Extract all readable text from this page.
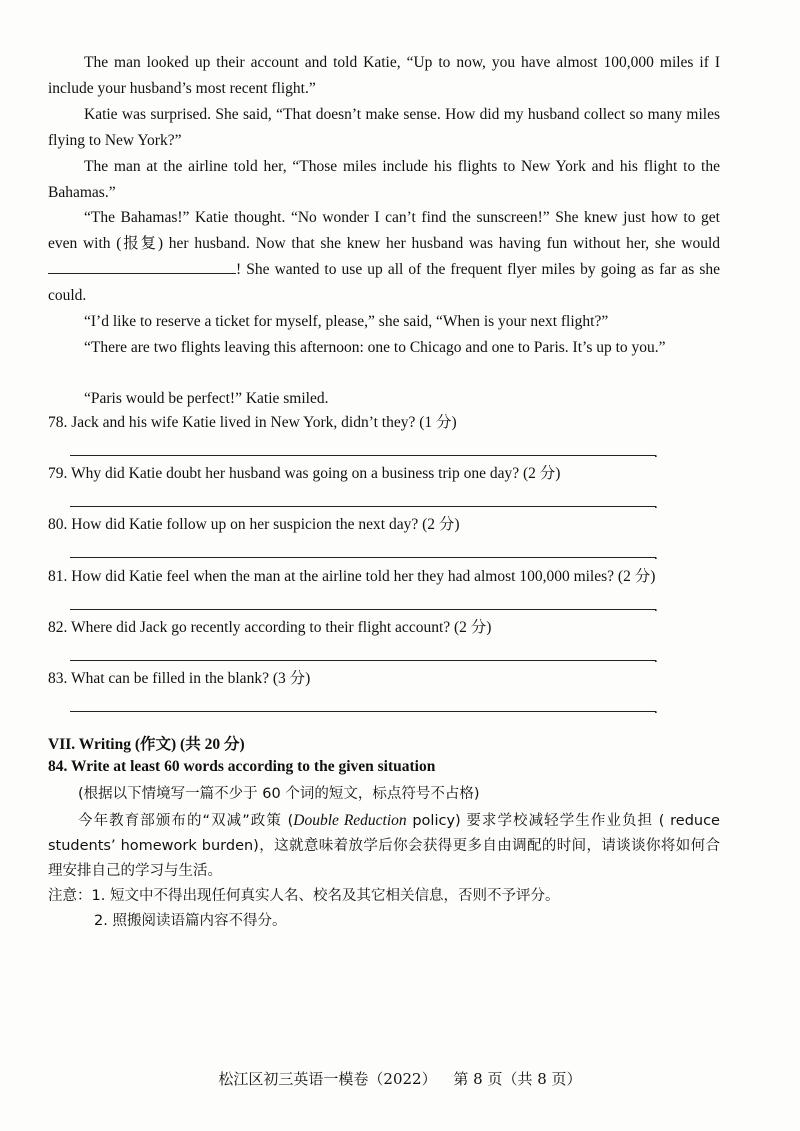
The man looked up their account and told Katie, “Up to now, you have almost 100,000 miles if I include your husband’s most recent flight.”

Katie was surprised. She said, “That doesn’t make sense. How did my husband collect so many miles flying to New York?”

The man at the airline told her, “Those miles include his flights to New York and his flight to the Bahamas.”

“The Bahamas!” Katie thought. “No wonder I can’t find the sunscreen!” She knew just how to get even with (报复) her husband. Now that she knew her husband was having fun without her, she would ! She wanted to use up all of the frequent flyer miles by going as far as she could.

“I’d like to reserve a ticket for myself, please,” she said, “When is your next flight?”

“There are two flights leaving this afternoon: one to Chicago and one to Paris. It’s up to you.”

“Paris would be perfect!” Katie smiled.

78. Jack and his wife Katie lived in New York, didn’t they? (1 分)

.

79. Why did Katie doubt her husband was going on a business trip one day? (2 分)

.

80. How did Katie follow up on her suspicion the next day? (2 分)

.

81. How did Katie feel when the man at the airline told her they had almost 100,000 miles? (2 分)

.

82. Where did Jack go recently according to their flight account? (2 分)

.

83. What can be filled in the blank? (3 分)

.

VII. Writing (作文) (共 20 分)

84. Write at least 60 words according to the given situation

(根据以下情境写一篇不少于 60 个词的短文，标点符号不占格)

今年教育部颁布的“双减”政策 (Double Reduction policy) 要求学校减轻学生作业负担 ( reduce students’ homework burden)，这就意味着放学后你会获得更多自由调配的时间，请谈谈你将如何合理安排自己的学习与生活。

注意：1. 短文中不得出现任何真实人名、校名及其它相关信息，否则不予评分。

2. 照搬阅读语篇内容不得分。

松江区初三英语一模卷（2022） 第 8 页（共 8 页）
